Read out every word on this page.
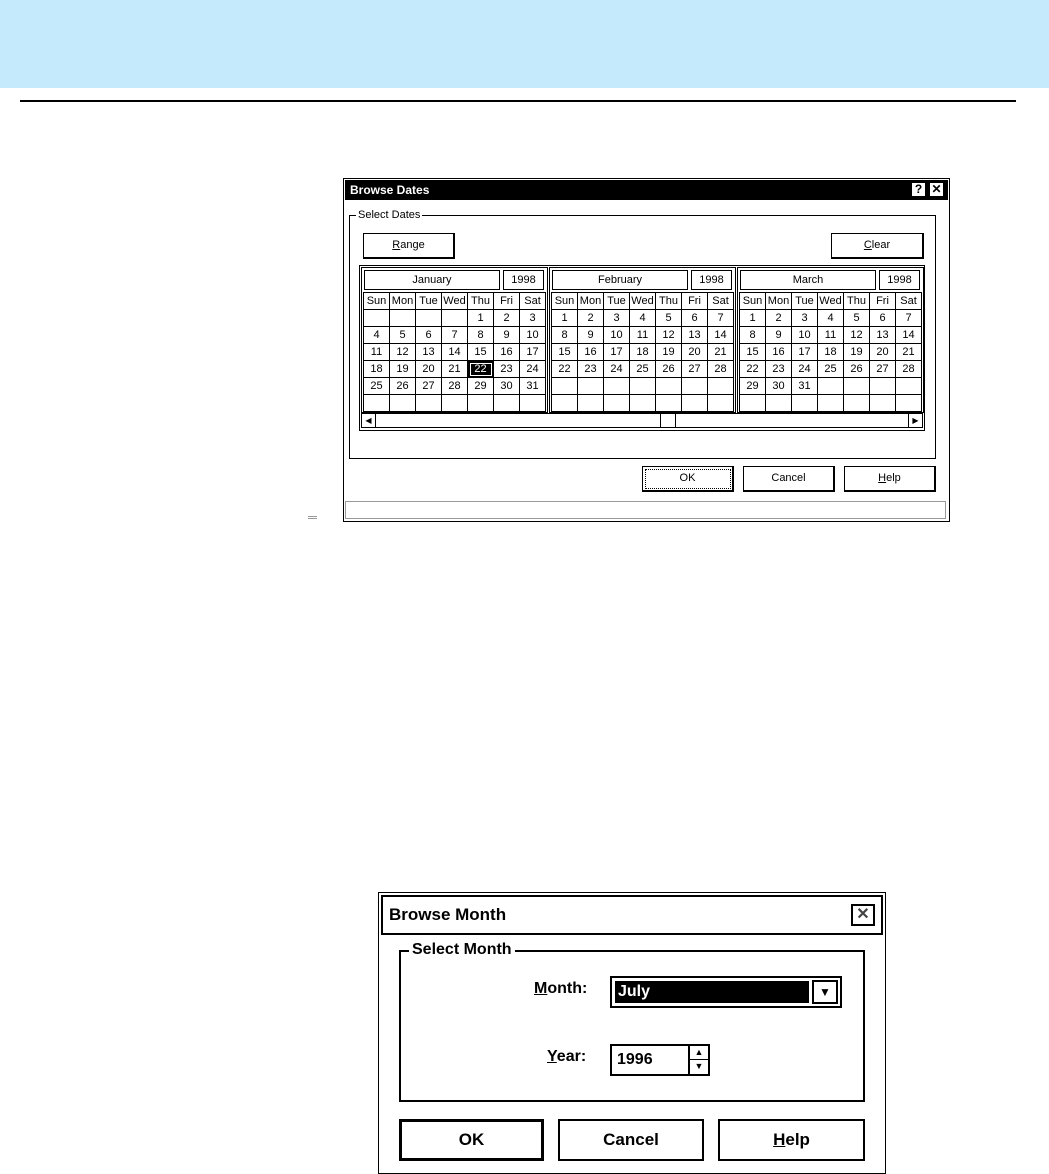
Browse Dates	? ✕
Select Dates
Range	Clear
January	1998
Sun	Mon	Tue	Wed	Thu	Fri	Sat
				1	2	3
4	5	6	7	8	9	10
11	12	13	14	15	16	17
18	19	20	21	22	23	24
25	26	27	28	29	30	31

February	1998
Sun	Mon	Tue	Wed	Thu	Fri	Sat
1	2	3	4	5	6	7
8	9	10	11	12	13	14
15	16	17	18	19	20	21
22	23	24	25	26	27	28

March	1998
Sun	Mon	Tue	Wed	Thu	Fri	Sat
1	2	3	4	5	6	7
8	9	10	11	12	13	14
15	16	17	18	19	20	21
22	23	24	25	26	27	28
29	30	31				

◀	▶
OK	Cancel	Help
Browse Month	✕
Select Month
Month: July	▼
Year: 1996	▲
▼
OK	Cancel	Help
